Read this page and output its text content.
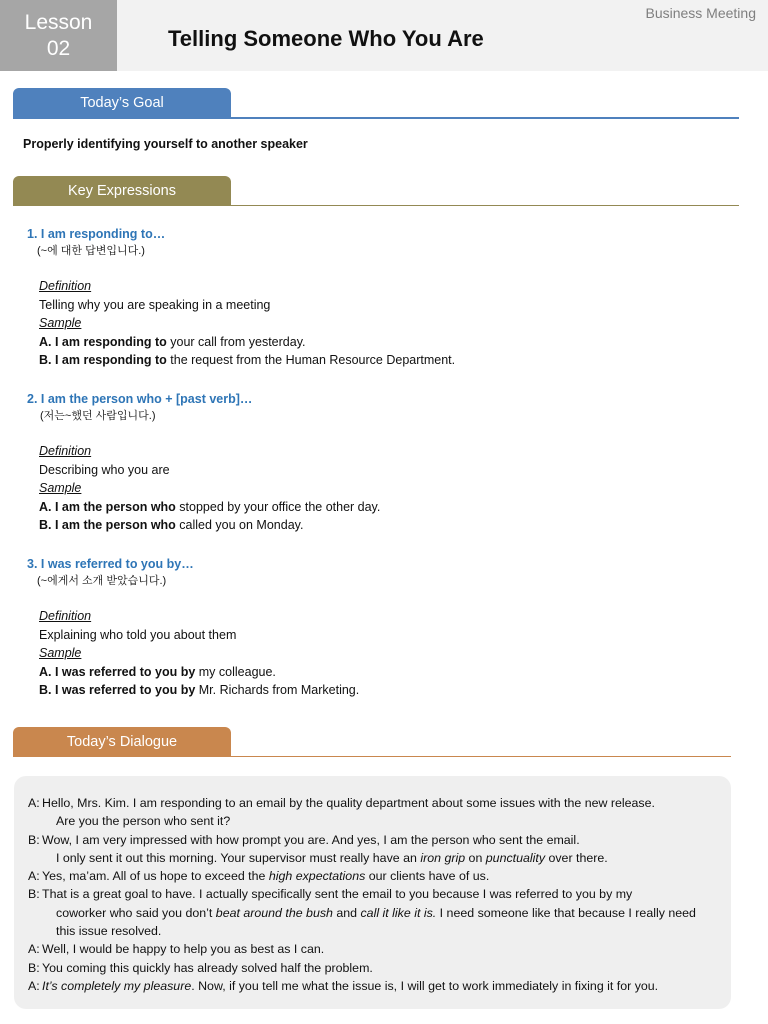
Lesson
02	Telling Someone Who You Are
Business Meeting
Today’s Goal
Properly identifying yourself to another speaker
Key Expressions
1. I am responding to…
(~에 대한 답변입니다.)
Definition
Telling why you are speaking in a meeting
Sample
A. I am responding to your call from yesterday.
B. I am responding to the request from the Human Resource Department.
2. I am the person who + [past verb]…
(저는~했던 사람입니다.)
Definition
Describing who you are
Sample
A. I am the person who stopped by your office the other day.
B. I am the person who called you on Monday.
3. I was referred to you by…
(~에게서 소개 받았습니다.)
Definition
Explaining who told you about them
Sample
A. I was referred to you by my colleague.
B. I was referred to you by Mr. Richards from Marketing.
Today’s Dialogue
A: Hello, Mrs. Kim. I am responding to an email by the quality department about some issues with the new release.
Are you the person who sent it?
B: Wow, I am very impressed with how prompt you are. And yes, I am the person who sent the email.
I only sent it out this morning. Your supervisor must really have an iron grip on punctuality over there.
A: Yes, ma’am. All of us hope to exceed the high expectations our clients have of us.
B: That is a great goal to have. I actually specifically sent the email to you because I was referred to you by my
coworker who said you don’t beat around the bush and call it like it is. I need someone like that because I really need
this issue resolved.
A: Well, I would be happy to help you as best as I can.
B: You coming this quickly has already solved half the problem.
A: It’s completely my pleasure. Now, if you tell me what the issue is, I will get to work immediately in fixing it for you.
